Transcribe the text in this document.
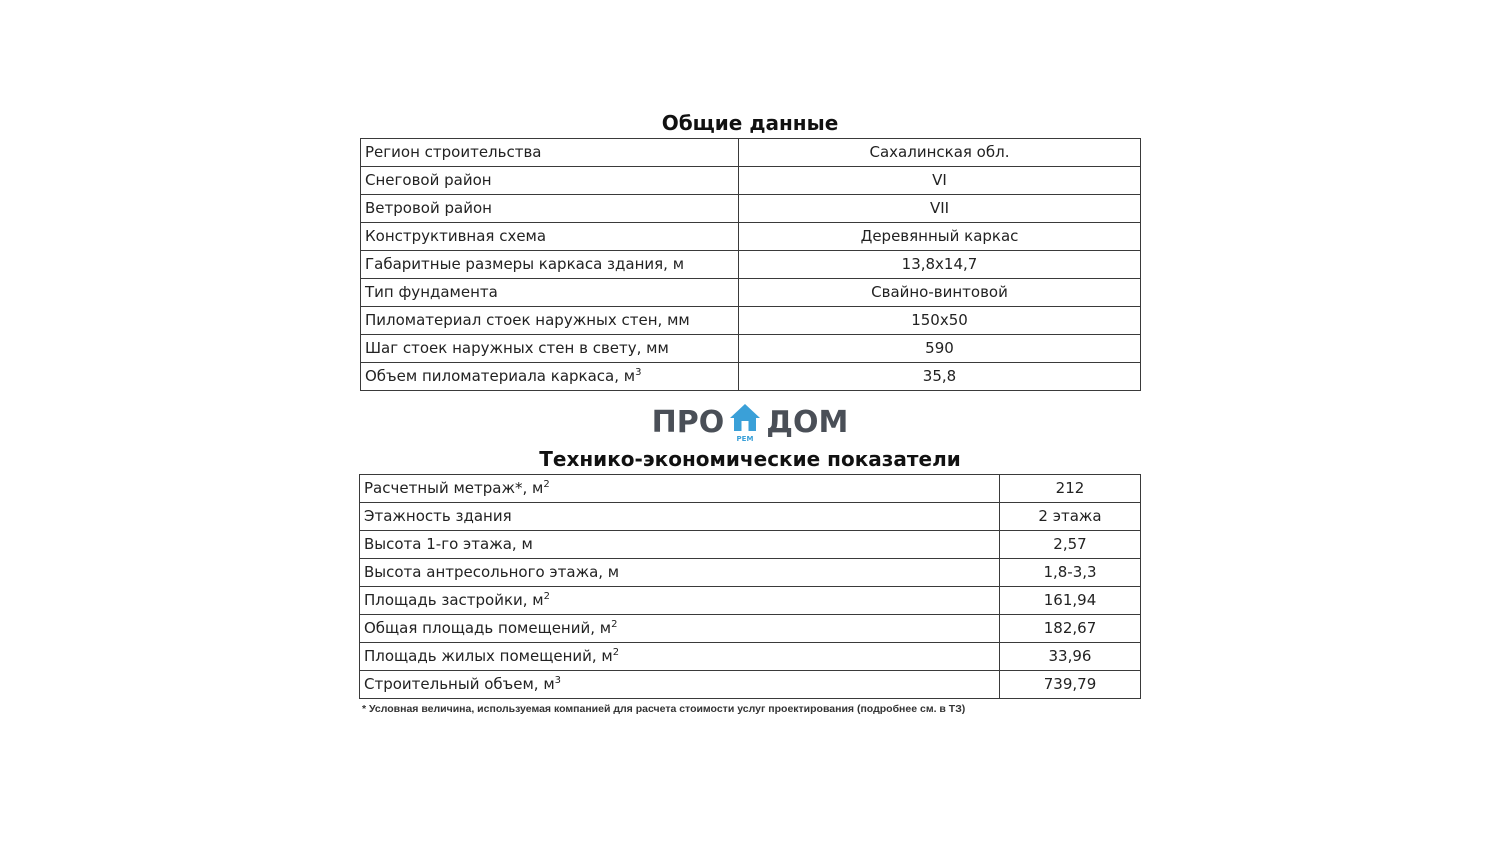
Общие данные
Регион строительства	Сахалинская обл.
Снеговой район	VI
Ветровой район	VII
Конструктивная схема	Деревянный каркас
Габаритные размеры каркаса здания, м	13,8х14,7
Тип фундамента	Свайно-винтовой
Пиломатериал стоек наружных стен, мм	150х50
Шаг стоек наружных стен в свету, мм	590
Объем пиломатериала каркаса, $м^3$	35,8
ПРО РЕМ ДОМ
Технико-экономические показатели
Расчетный метраж*, $м^2$	212
Этажность здания	2 этажа
Высота 1-го этажа, м	2,57
Высота антресольного этажа, м	1,8-3,3
Площадь застройки, $м^2$	161,94
Общая площадь помещений, $м^2$	182,67
Площадь жилых помещений, $м^2$	33,96
Строительный объем, $м^3$	739,79
* Условная величина, используемая компанией для расчета стоимости услуг проектирования (подробнее см. в ТЗ)
